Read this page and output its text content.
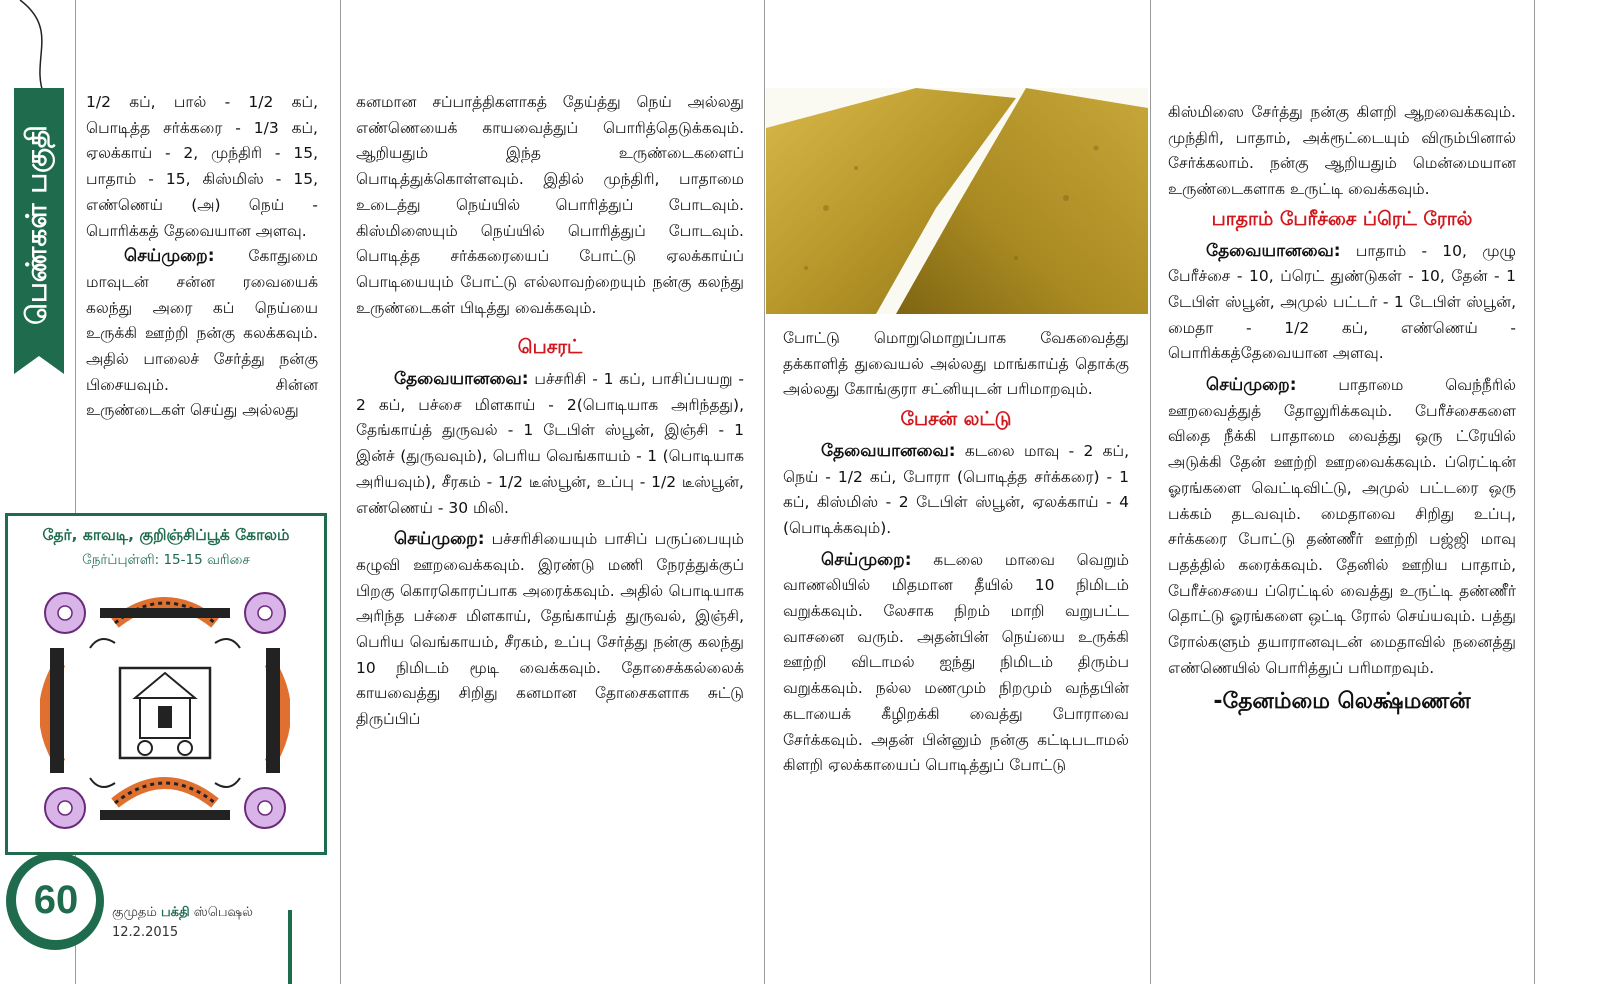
பெண்கள் பகுதி

1/2 கப், பால் - 1/2 கப், பொடித்த சர்க்கரை - 1/3 கப், ஏலக்காய் - 2, முந்திரி - 15, பாதாம் - 15, கிஸ்மிஸ் - 15, எண்ணெய் (அ) நெய் - பொரிக்கத் தேவையான அளவு.

செய்முறை: கோதுமை மாவுடன் சன்ன ரவையைக் கலந்து அரை கப் நெய்யை உருக்கி ஊற்றி நன்கு கலக்கவும். அதில் பாலைச் சேர்த்து நன்கு பிசையவும். சின்ன உருண்டைகள் செய்து அல்லது

தேர், காவடி, குறிஞ்சிப்பூக் கோலம்
நேர்ப்புள்ளி: 15-15 வரிசை
60	குமுதம் பக்தி ஸ்பெஷல்
12.2.2015

கனமான சப்பாத்திகளாகத் தேய்த்து நெய் அல்லது எண்ணெயைக் காயவைத்துப் பொரித்தெடுக்கவும். ஆறியதும் இந்த உருண்டைகளைப் பொடித்துக்கொள்ளவும். இதில் முந்திரி, பாதாமை உடைத்து நெய்யில் பொரித்துப் போடவும். கிஸ்மிஸையும் நெய்யில் பொரித்துப் போடவும். பொடித்த சர்க்கரையைப் போட்டு ஏலக்காய்ப் பொடியையும் போட்டு எல்லாவற்றையும் நன்கு கலந்து உருண்டைகள் பிடித்து வைக்கவும்.

பெசரட்

தேவையானவை: பச்சரிசி - 1 கப், பாசிப்பயறு - 2 கப், பச்சை மிளகாய் - 2(பொடியாக அரிந்தது), தேங்காய்த் துருவல் - 1 டேபிள் ஸ்பூன், இஞ்சி - 1 இன்ச் (துருவவும்), பெரிய வெங்காயம் - 1 (பொடியாக அரியவும்), சீரகம் - 1/2 டீஸ்பூன், உப்பு - 1/2 டீஸ்பூன், எண்ணெய் - 30 மிலி.

செய்முறை: பச்சரிசியையும் பாசிப் பருப்பையும் கழுவி ஊறவைக்கவும். இரண்டு மணி நேரத்துக்குப் பிறகு கொரகொரப்பாக அரைக்கவும். அதில் பொடியாக அரிந்த பச்சை மிளகாய், தேங்காய்த் துருவல், இஞ்சி, பெரிய வெங்காயம், சீரகம், உப்பு சேர்த்து நன்கு கலந்து 10 நிமிடம் மூடி வைக்கவும். தோசைக்கல்லைக் காயவைத்து சிறிது கனமான தோசைகளாக சுட்டு திருப்பிப்

போட்டு மொறுமொறுப்பாக வேகவைத்து தக்காளித் துவையல் அல்லது மாங்காய்த் தொக்கு அல்லது கோங்குரா சட்னியுடன் பரிமாறவும்.

பேசன் லட்டு

தேவையானவை: கடலை மாவு - 2 கப், நெய் - 1/2 கப், போரா (பொடித்த சர்க்கரை) - 1 கப், கிஸ்மிஸ் - 2 டேபிள் ஸ்பூன், ஏலக்காய் - 4 (பொடிக்கவும்).

செய்முறை: கடலை மாவை வெறும் வாணலியில் மிதமான தீயில் 10 நிமிடம் வறுக்கவும். லேசாக நிறம் மாறி வறுபட்ட வாசனை வரும். அதன்பின் நெய்யை உருக்கி ஊற்றி விடாமல் ஐந்து நிமிடம் திரும்ப வறுக்கவும். நல்ல மணமும் நிறமும் வந்தபின் கடாயைக் கீழிறக்கி வைத்து போராவை சேர்க்கவும். அதன் பின்னும் நன்கு கட்டிபடாமல் கிளறி ஏலக்காயைப் பொடித்துப் போட்டு

கிஸ்மிஸை சேர்த்து நன்கு கிளறி ஆறவைக்கவும். முந்திரி, பாதாம், அக்ரூட்டையும் விரும்பினால் சேர்க்கலாம். நன்கு ஆறியதும் மென்மையான உருண்டைகளாக உருட்டி வைக்கவும்.

பாதாம் பேரீச்சை ப்ரெட் ரோல்

தேவையானவை: பாதாம் - 10, முழு பேரீச்சை - 10, ப்ரெட் துண்டுகள் - 10, தேன் - 1 டேபிள் ஸ்பூன், அமுல் பட்டர் - 1 டேபிள் ஸ்பூன், மைதா - 1/2 கப், எண்ணெய் - பொரிக்கத்தேவையான அளவு.

செய்முறை: பாதாமை வெந்நீரில் ஊறவைத்துத் தோலுரிக்கவும். பேரீச்சைகளை விதை நீக்கி பாதாமை வைத்து ஒரு ட்ரேயில் அடுக்கி தேன் ஊற்றி ஊறவைக்கவும். ப்ரெட்டின் ஓரங்களை வெட்டிவிட்டு, அமுல் பட்டரை ஒரு பக்கம் தடவவும். மைதாவை சிறிது உப்பு, சர்க்கரை போட்டு தண்ணீர் ஊற்றி பஜ்ஜி மாவு பதத்தில் கரைக்கவும். தேனில் ஊறிய பாதாம், பேரீச்சையை ப்ரெட்டில் வைத்து உருட்டி தண்ணீர் தொட்டு ஓரங்களை ஒட்டி ரோல் செய்யவும். பத்து ரோல்களும் தயாரானவுடன் மைதாவில் நனைத்து எண்ணெயில் பொரித்துப் பரிமாறவும்.

-தேனம்மை லெக்ஷ்மணன்
